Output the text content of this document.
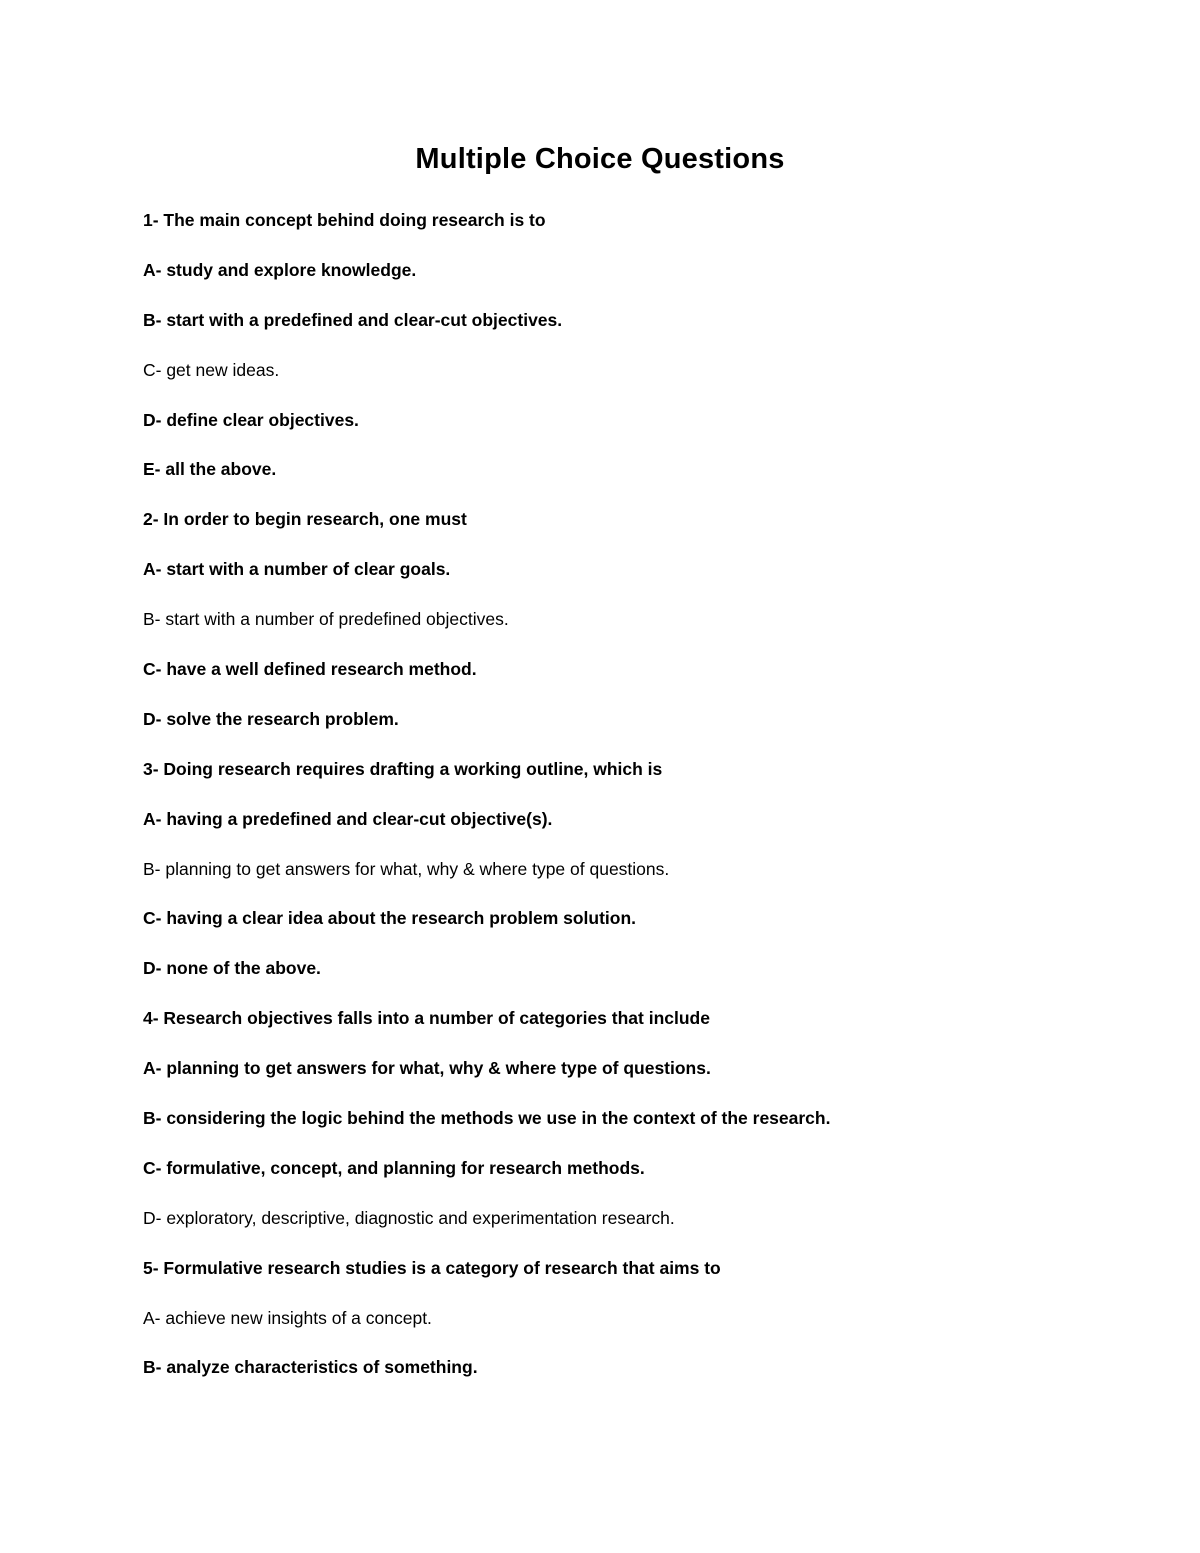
Multiple Choice Questions
1- The main concept behind doing research is to
A- study and explore knowledge.
B- start with a predefined and clear-cut objectives.
C- get new ideas.
D- define clear objectives.
E- all the above.
2- In order to begin research, one must
A- start with a number of clear goals.
B- start with a number of predefined objectives.
C- have a well defined research method.
D- solve the research problem.
3- Doing research requires drafting a working outline, which is
A- having a predefined and clear-cut objective(s).
B- planning to get answers for what, why & where type of questions.
C- having a clear idea about the research problem solution.
D- none of the above.
4- Research objectives falls into a number of categories that include
A- planning to get answers for what, why & where type of questions.
B- considering the logic behind the methods we use in the context of the research.
C- formulative, concept, and planning for research methods.
D- exploratory, descriptive, diagnostic and experimentation research.
5- Formulative research studies is a category of research that aims to
A- achieve new insights of a concept.
B- analyze characteristics of something.
